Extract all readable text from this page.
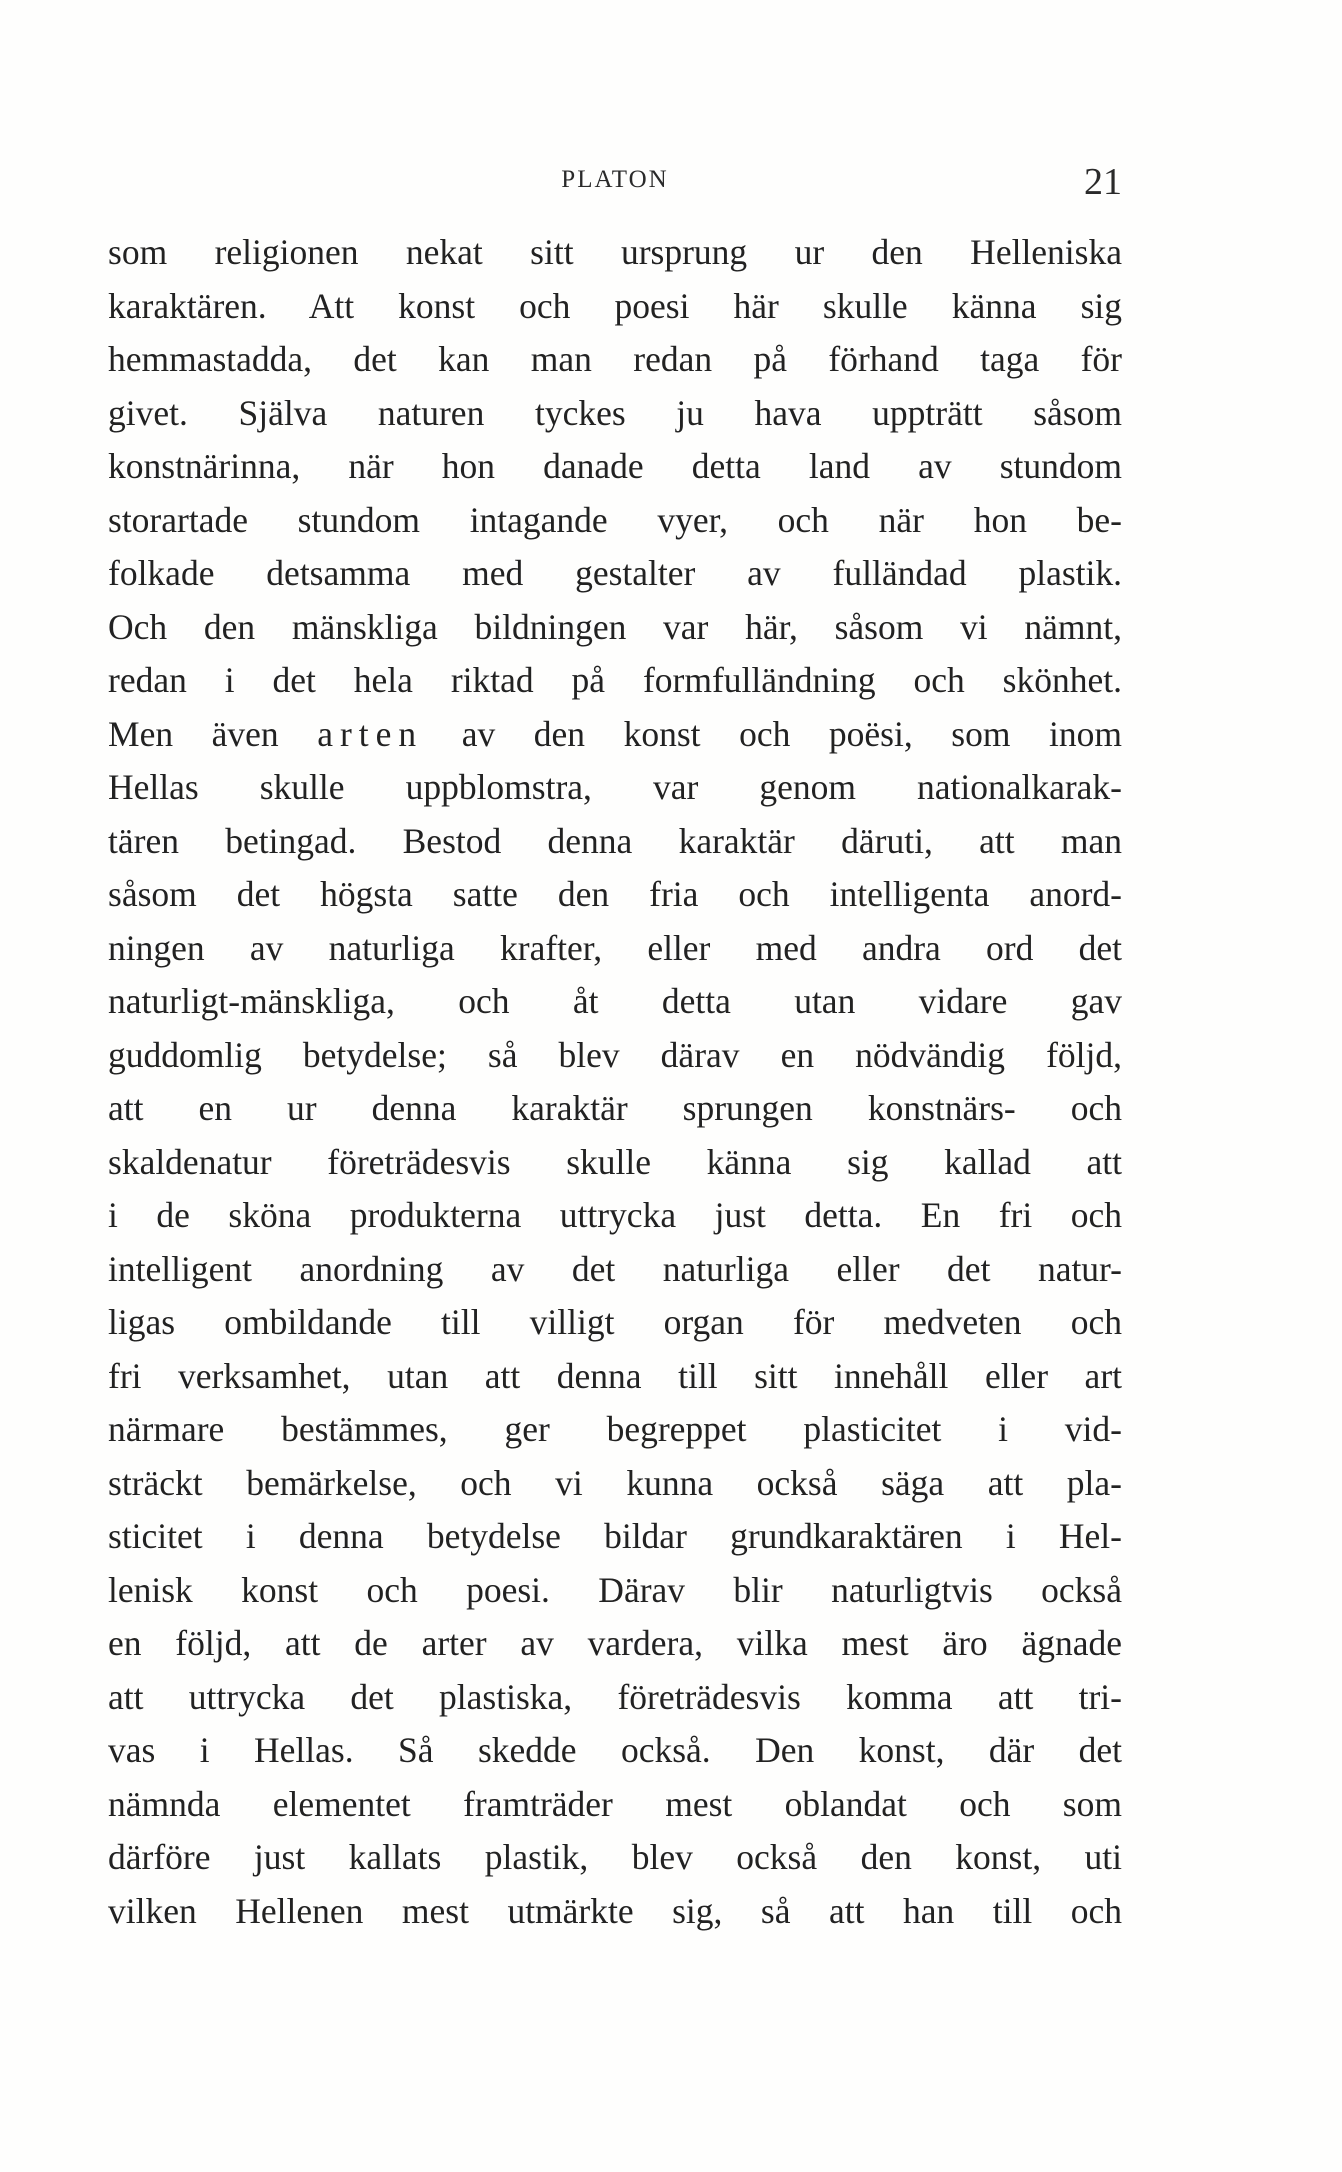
PLATON	21
som religionen nekat sitt ursprung ur den Helleniska
karaktären. Att konst och poesi här skulle känna sig
hemmastadda, det kan man redan på förhand taga för
givet. Själva naturen tyckes ju hava uppträtt såsom
konstnärinna, när hon danade detta land av stundom
storartade stundom intagande vyer, och när hon be-
folkade detsamma med gestalter av fulländad plastik.
Och den mänskliga bildningen var här, såsom vi nämnt,
redan i det hela riktad på formfulländning och skönhet.
Men även arten av den konst och poësi, som inom
Hellas skulle uppblomstra, var genom nationalkarak-
tären betingad. Bestod denna karaktär däruti, att man
såsom det högsta satte den fria och intelligenta anord-
ningen av naturliga krafter, eller med andra ord det
naturligt-mänskliga, och åt detta utan vidare gav
guddomlig betydelse; så blev därav en nödvändig följd,
att en ur denna karaktär sprungen konstnärs- och
skaldenatur företrädesvis skulle känna sig kallad att
i de sköna produkterna uttrycka just detta. En fri och
intelligent anordning av det naturliga eller det natur-
ligas ombildande till villigt organ för medveten och
fri verksamhet, utan att denna till sitt innehåll eller art
närmare bestämmes, ger begreppet plasticitet i vid-
sträckt bemärkelse, och vi kunna också säga att pla-
sticitet i denna betydelse bildar grundkaraktären i Hel-
lenisk konst och poesi. Därav blir naturligtvis också
en följd, att de arter av vardera, vilka mest äro ägnade
att uttrycka det plastiska, företrädesvis komma att tri-
vas i Hellas. Så skedde också. Den konst, där det
nämnda elementet framträder mest oblandat och som
därföre just kallats plastik, blev också den konst, uti
vilken Hellenen mest utmärkte sig, så att han till och
